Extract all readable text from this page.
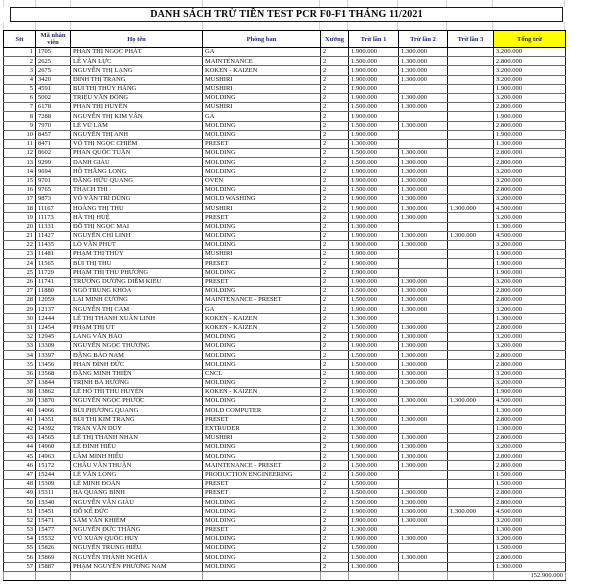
DANH SÁCH TRỪ TIỀN TEST PCR F0-F1 THÁNG 11/2021
Stt	Mã nhân viên	Họ tên	Phòng ban	Xưởng	Trừ lần 1	Trừ lần 2	Trừ lần 3	Tổng trừ
1	1705	PHAN THỊ NGỌC PHÁT	GA	2	1.900.000	1.300.000		3.200.000
2	2625	LÊ VĂN LỰC	MAINTENANCE	2	1.500.000	1.300.000		2.800.000
3	2675	NGUYỄN THỊ LẠNG	KOKEN - KAIZEN	2	1.900.000	1.300.000		3.200.000
4	3420	ĐINH THỊ TRANG	MUSHIRI	2	1.900.000	1.300.000		3.200.000
5	4591	BÙI THỊ THÚY HẰNG	MUSHIRI	2	1.900.000			1.900.000
6	5002	TRIỆU VĂN ĐÔNG	MOLDING	2	1.900.000	1.300.000		3.200.000
7	6178	PHAN THỊ HUYỀN	MUSHIRI	2	1.500.000	1.300.000		2.800.000
8	7288	NGUYỄN THỊ KIM VÂN	GA	2	1.900.000			1.900.000
9	7970	LÊ VŨ LÂM	MOLDING	2	1.500.000	1.300.000		2.800.000
10	8457	NGUYỄN THỊ ANH	MOLDING	2	1.900.000			1.900.000
11	8471	VÕ THỊ NGỌC CHIÊM	PRESET	2	1.300.000			1.300.000
12	8602	PHAN QUỐC TUẤN	MOLDING	2	1.500.000	1.300.000		2.800.000
13	9299	DANH GIÀU	MOLDING	2	1.500.000	1.300.000		2.800.000
14	9694	HỒ THĂNG LONG	MOLDING	2	1.900.000	1.300.000		3.200.000
15	9701	ĐẶNG HỮU QUANG	OVEN	2	1.900.000	1.300.000		3.200.000
16	9765	THẠCH THI	MOLDING	2	1.500.000	1.300.000		2.800.000
17	9873	VÕ VĂN TRÍ DŨNG	MOLD WASHING	2	1.900.000	1.300.000		3.200.000
18	11167	HOÀNG THỊ THU	MUSHIRI	2	1.900.000	1.300.000	1.300.000	4.500.000
19	11173	HÀ THỊ HUỆ	PRESET	2	1.900.000	1.300.000		3.200.000
20	11331	ĐỖ THỊ NGỌC MAI	MOLDING	2	1.300.000			1.300.000
21	11427	NGUYỄN CHÍ LINH	MOLDING	2	1.900.000	1.300.000	1.300.000	4.500.000
22	11435	LÔ VĂN PHÚT	MOLDING	2	1.900.000	1.300.000		3.200.000
23	11481	PHẠM THỊ THÚY	MUSHIRI	2	1.900.000			1.900.000
24	11565	BÙI THỊ THU	PRESET	2	1.900.000			1.900.000
25	11729	PHẠM THỊ THU PHƯƠNG	MOLDING	2	1.900.000			1.900.000
26	11741	TRƯƠNG DƯƠNG DIỄM KIỀU	PRESET	2	1.900.000	1.300.000		3.200.000
27	11880	NGÔ TRUNG KHOA	MOLDING	2	1.500.000	1.300.000		2.800.000
28	12059	LẠI MINH CƯỜNG	MAINTENANCE - PRESET	2	1.500.000	1.300.000		2.800.000
29	12137	NGUYỄN THỊ CAM	GA	2	1.900.000	1.300.000		3.200.000
30	12444	LÊ THỊ THANH XUÂN LINH	KOKEN - KAIZEN	2	1.300.000			1.300.000
31	12454	PHẠM THỊ ÚT	KOKEN - KAIZEN	2	1.500.000	1.300.000		2.800.000
32	12945	LANG VĂN HÀO	MOLDING	2	1.900.000	1.300.000		3.200.000
33	13309	NGUYỄN NGỌC THƯƠNG	MOLDING	2	1.900.000	1.300.000		3.200.000
34	13397	ĐẶNG BẢO NAM	MOLDING	2	1.500.000	1.300.000		2.800.000
35	13456	PHAN ĐÌNH ĐỨC	MOLDING	2	1.500.000	1.300.000		2.800.000
36	13568	ĐẶNG MINH THIỆN	CNCL	2	1.900.000	1.300.000		3.200.000
37	13844	TRỊNH BÁ HƯỞNG	MOLDING	2	1.900.000	1.300.000		3.200.000
38	13862	LÊ HỒ THỊ THU HUYỀN	KOKEN - KAIZEN	2	1.900.000			1.900.000
39	13870	NGUYỄN NGỌC PHƯỚC	MOLDING	2	1.900.000	1.300.000	1.300.000	4.500.000
40	14066	BÙI PHƯƠNG QUANG	MOLD COMPUTER	2	1.300.000			1.300.000
41	14351	BÙI THỊ KIM TRANG	PRESET	2	1.500.000	1.300.000		2.800.000
42	14392	TRẦN VĂN DUY	EXTRUDER	2	1.300.000			1.300.000
43	14565	LÊ THỊ THANH NHÀN	MUSHIRI	2	1.500.000	1.300.000		2.800.000
44	14960	LÊ ĐÌNH HIẾU	MOLDING	2	1.900.000	1.300.000		3.200.000
45	14963	LÂM MINH HIẾU	MOLDING	2	1.500.000	1.300.000		2.800.000
46	15172	CHÂU VĂN THUẬN	MAINTENANCE - PRESET	2	1.500.000	1.300.000		2.800.000
47	15244	LÊ VĂN LONG	PRODUCTION ENGINEERING	2	1.500.000			1.500.000
48	15309	LÊ MINH ĐOÀN	PRESET	2	1.500.000			1.500.000
49	15311	HÀ QUANG BÌNH	PRESET	2	1.500.000	1.300.000		2.800.000
50	15340	NGUYỄN VĂN GIÀU	MOLDING	2	1.500.000	1.300.000		2.800.000
51	15451	ĐỖ KẾ ĐỨC	MOLDING	2	1.900.000	1.300.000	1.300.000	4.500.000
52	15471	SẦM VĂN KHIÊM	MOLDING	2	1.900.000	1.300.000		3.200.000
53	15477	NGUYỄN ĐỨC THẮNG	PRESET	2	1.300.000			1.300.000
54	15532	VŨ XUÂN QUỐC HUY	MOLDING	2	1.900.000	1.300.000		3.200.000
55	15826	NGUYỄN TRUNG HIẾU	MOLDING	2	1.500.000			1.500.000
56	15869	NGUYỄN THÀNH NGHĨA	MOLDING	2	1.500.000	1.300.000		2.800.000
57	15887	PHẠM NGUYỄN PHƯƠNG NAM	MOLDING	2	1.300.000			1.300.000
								152.900.000
